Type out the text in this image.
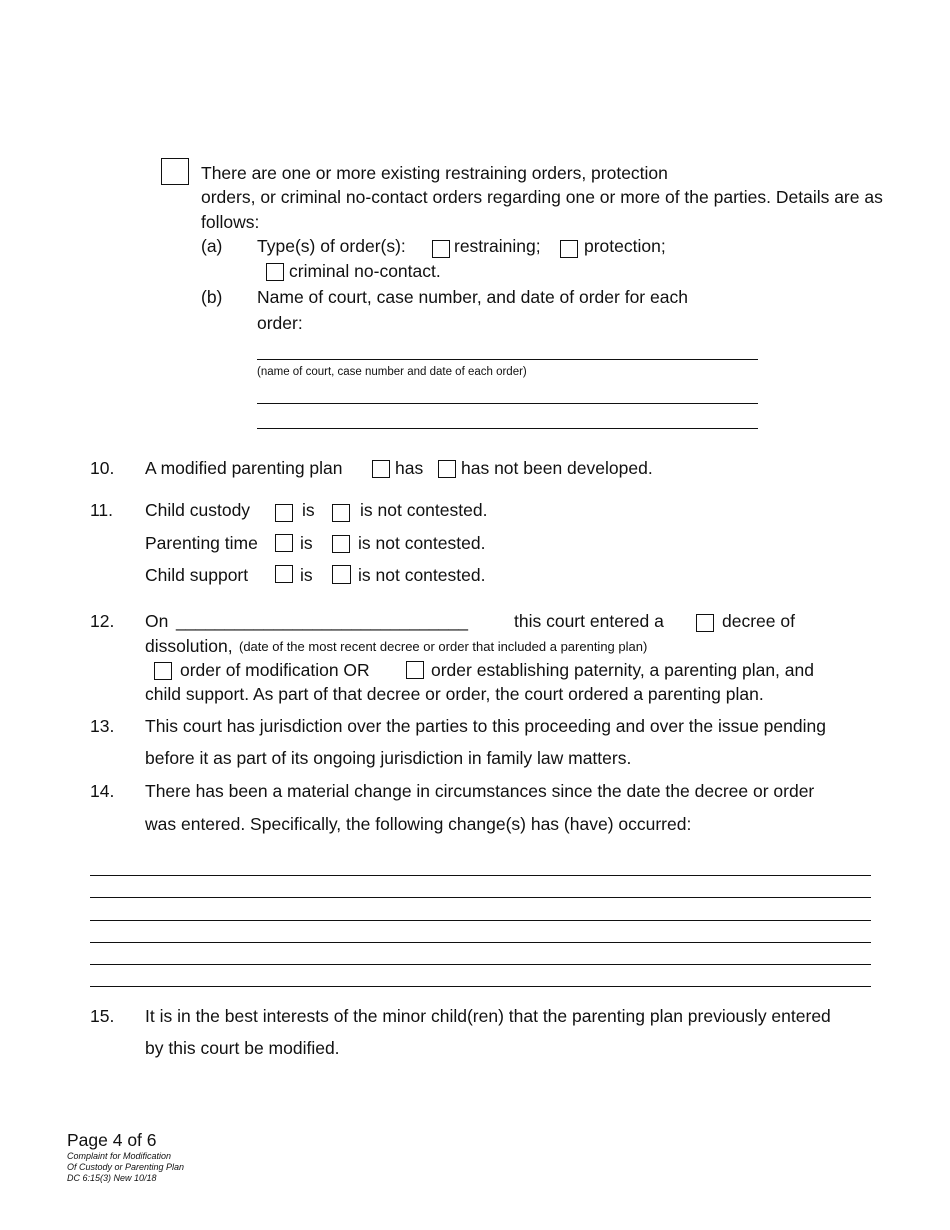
There are one or more existing restraining orders, protection
orders, or criminal no-contact orders regarding one or more of the parties. Details are as
follows:
(a) Type(s) of order(s):	restraining; protection;
criminal no-contact.
(b) Name of court, case number, and date of order for each
order:
(name of court, case number and date of each order)
10. A modified parenting plan	has has not been developed.
11. Child custody	is	is not contested.
Parenting time is	is not contested.
Child support	is	is not contested.
12. On ______________________________	this court entered a	decree of
dissolution, (date of the most recent decree or order that included a parenting plan)
order of modification OR	order establishing paternity, a parenting plan, and
child support. As part of that decree or order, the court ordered a parenting plan.
13. This court has jurisdiction over the parties to this proceeding and over the issue pending
before it as part of its ongoing jurisdiction in family law matters.
14. There has been a material change in circumstances since the date the decree or order
was entered. Specifically, the following change(s) has (have) occurred:
15. It is in the best interests of the minor child(ren) that the parenting plan previously entered
by this court be modified.
Page 4 of 6
Complaint for Modification
Of Custody or Parenting Plan
DC 6:15(3) New 10/18
